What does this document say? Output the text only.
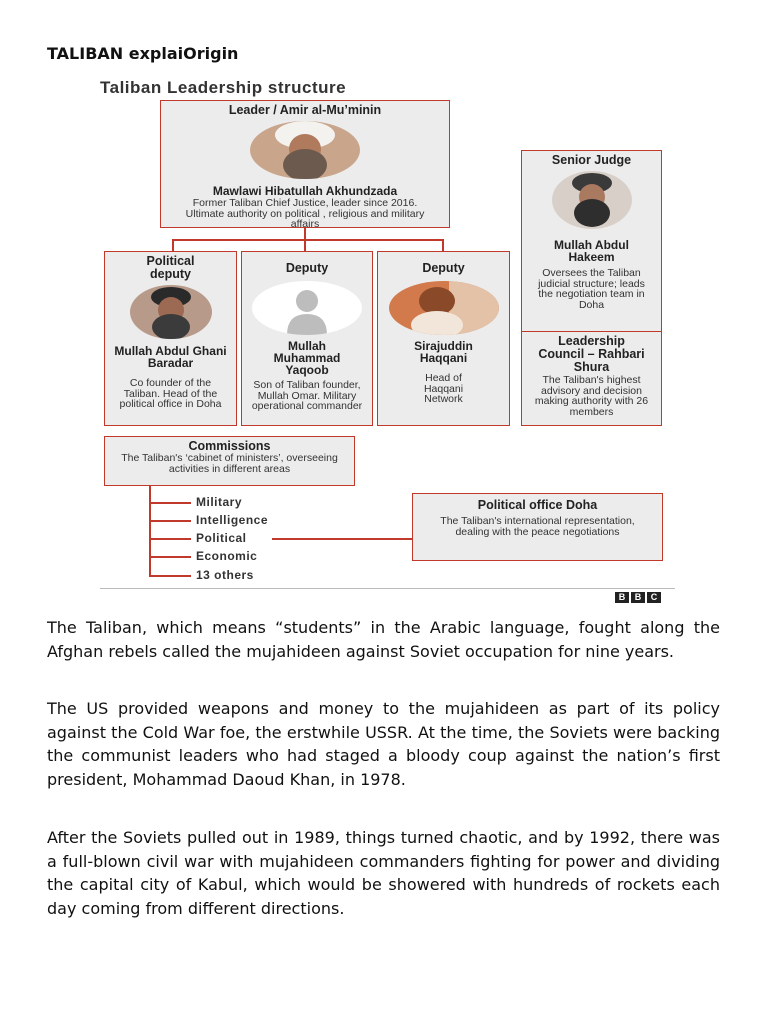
TALIBAN explaiOrigin
Taliban Leadership structure
Leader / Amir al-Mu’minin
Mawlawi Hibatullah Akhundzada
Former Taliban Chief Justice, leader since 2016. Ultimate authority on political , religious and military affairs
Senior Judge
Mullah Abdul Hakeem
Oversees the Taliban judicial structure; leads the negotiation team in Doha
Political deputy
Mullah Abdul Ghani Baradar
Co founder of the Taliban. Head of the political office in Doha
Deputy
Mullah Muhammad Yaqoob
Son of Taliban founder, Mullah Omar. Military operational commander
Deputy
Sirajuddin Haqqani
Head of Haqqani Network
Leadership Council – Rahbari Shura
The Taliban's highest advisory and decision making authority with 26 members
Commissions
The Taliban's ‘cabinet of ministers’, overseeing activities in different areas
Military
Intelligence
Political
Economic
13 others
Political office Doha
The Taliban's international representation, dealing with the peace negotiations
B	B	C

The Taliban, which means “students” in the Arabic language, fought along the Afghan rebels called the mujahideen against Soviet occupation for nine years.

The US provided weapons and money to the mujahideen as part of its policy against the Cold War foe, the erstwhile USSR. At the time, the Soviets were backing the communist leaders who had staged a bloody coup against the nation’s first president, Mohammad Daoud Khan, in 1978.

After the Soviets pulled out in 1989, things turned chaotic, and by 1992, there was a full-blown civil war with mujahideen commanders fighting for power and dividing the capital city of Kabul, which would be showered with hundreds of rockets each day coming from different directions.
